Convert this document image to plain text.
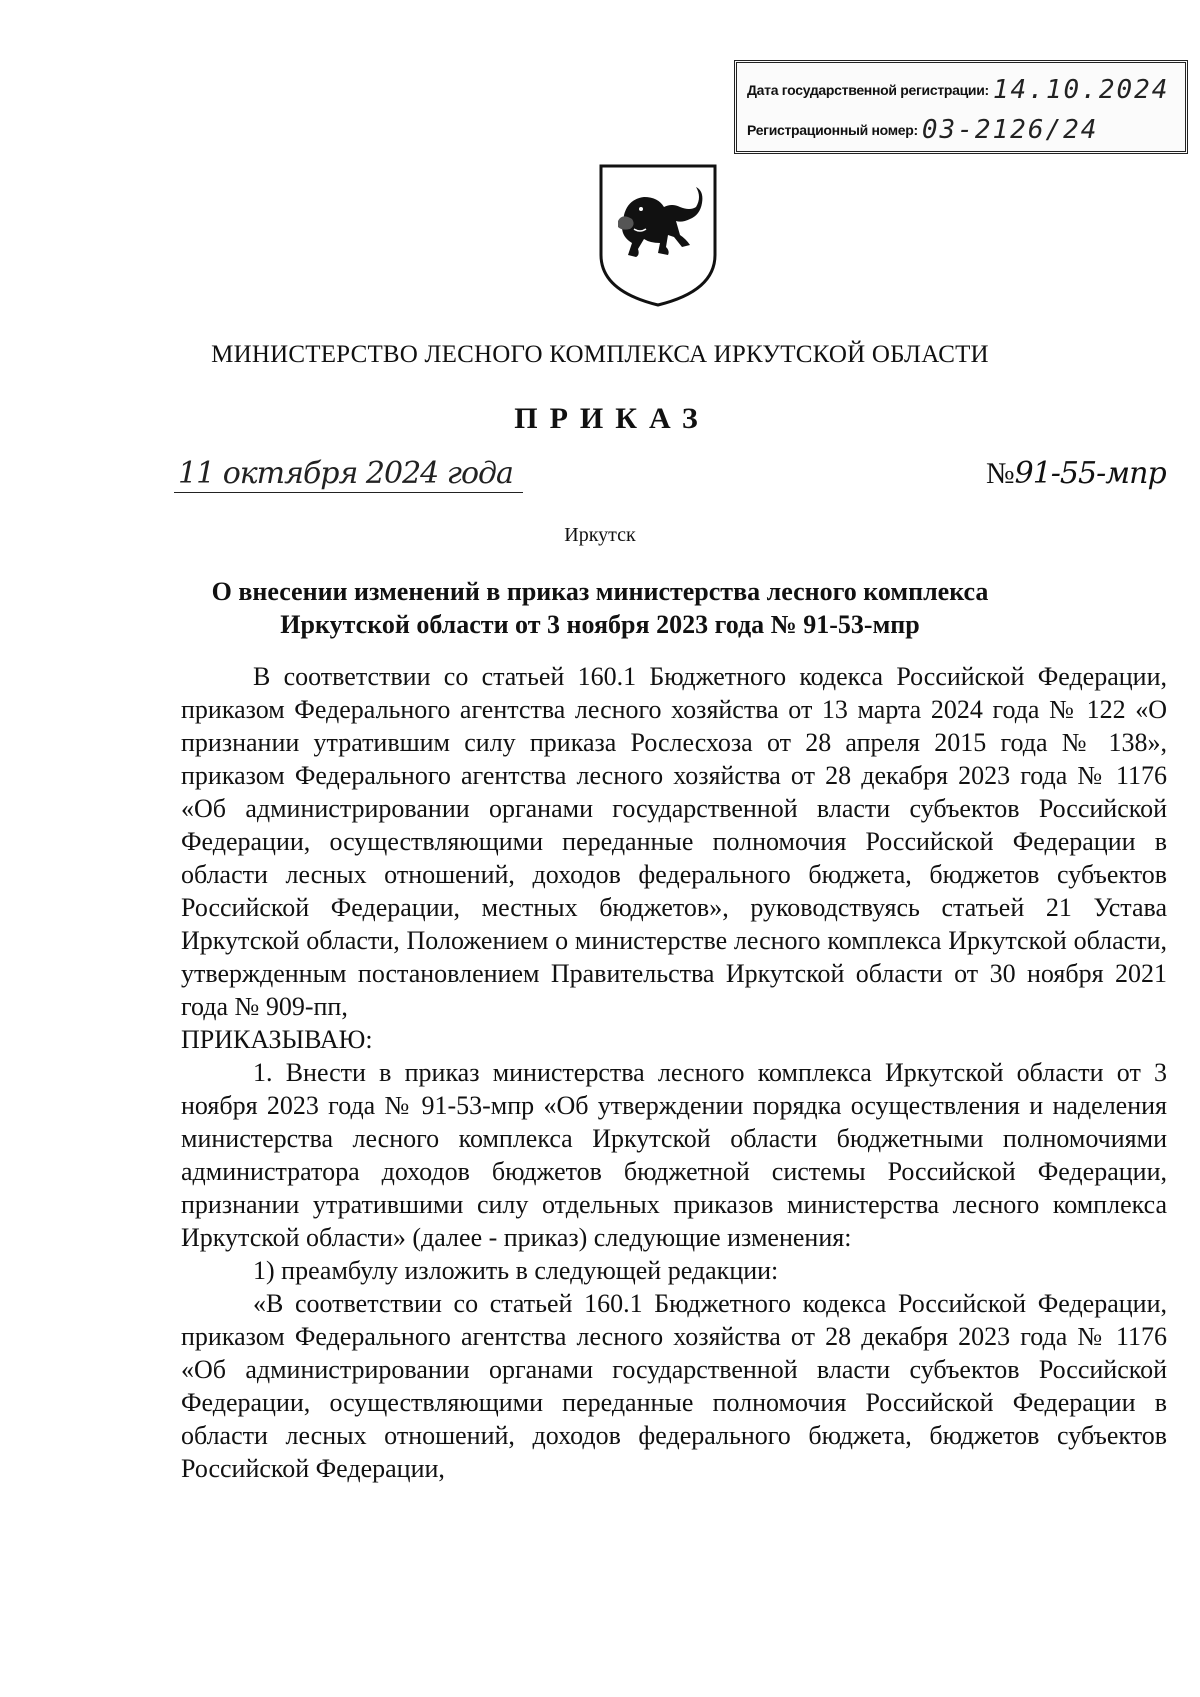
Дата государственной регистрации: 14.10.2024
Регистрационный номер: 03-2126/24
МИНИСТЕРСТВО ЛЕСНОГО КОМПЛЕКСА ИРКУТСКОЙ ОБЛАСТИ
ПРИКАЗ
11 октября 2024 года	№91-55-мпр
Иркутск
О внесении изменений в приказ министерства лесного комплекса
Иркутской области от 3 ноября 2023 года № 91-53-мпр

В соответствии со статьей 160.1 Бюджетного кодекса Российской Федерации, приказом Федерального агентства лесного хозяйства от 13 марта 2024 года № 122 «О признании утратившим силу приказа Рослесхоза от 28 апреля 2015 года № 138», приказом Федерального агентства лесного хозяйства от 28 декабря 2023 года № 1176 «Об администрировании органами государственной власти субъектов Российской Федерации, осуществляющими переданные полномочия Российской Федерации в области лесных отношений, доходов федерального бюджета, бюджетов субъектов Российской Федерации, местных бюджетов», руководствуясь статьей 21 Устава Иркутской области, Положением о министерстве лесного комплекса Иркутской области, утвержденным постановлением Правительства Иркутской области от 30 ноября 2021 года № 909-пп,

ПРИКАЗЫВАЮ:

1. Внести в приказ министерства лесного комплекса Иркутской области от 3 ноября 2023 года № 91-53-мпр «Об утверждении порядка осуществления и наделения министерства лесного комплекса Иркутской области бюджетными полномочиями администратора доходов бюджетов бюджетной системы Российской Федерации, признании утратившими силу отдельных приказов министерства лесного комплекса Иркутской области» (далее - приказ) следующие изменения:

1) преамбулу изложить в следующей редакции:

«В соответствии со статьей 160.1 Бюджетного кодекса Российской Федерации, приказом Федерального агентства лесного хозяйства от 28 декабря 2023 года № 1176 «Об администрировании органами государственной власти субъектов Российской Федерации, осуществляющими переданные полномочия Российской Федерации в области лесных отношений, доходов федерального бюджета, бюджетов субъектов Российской Федерации,
